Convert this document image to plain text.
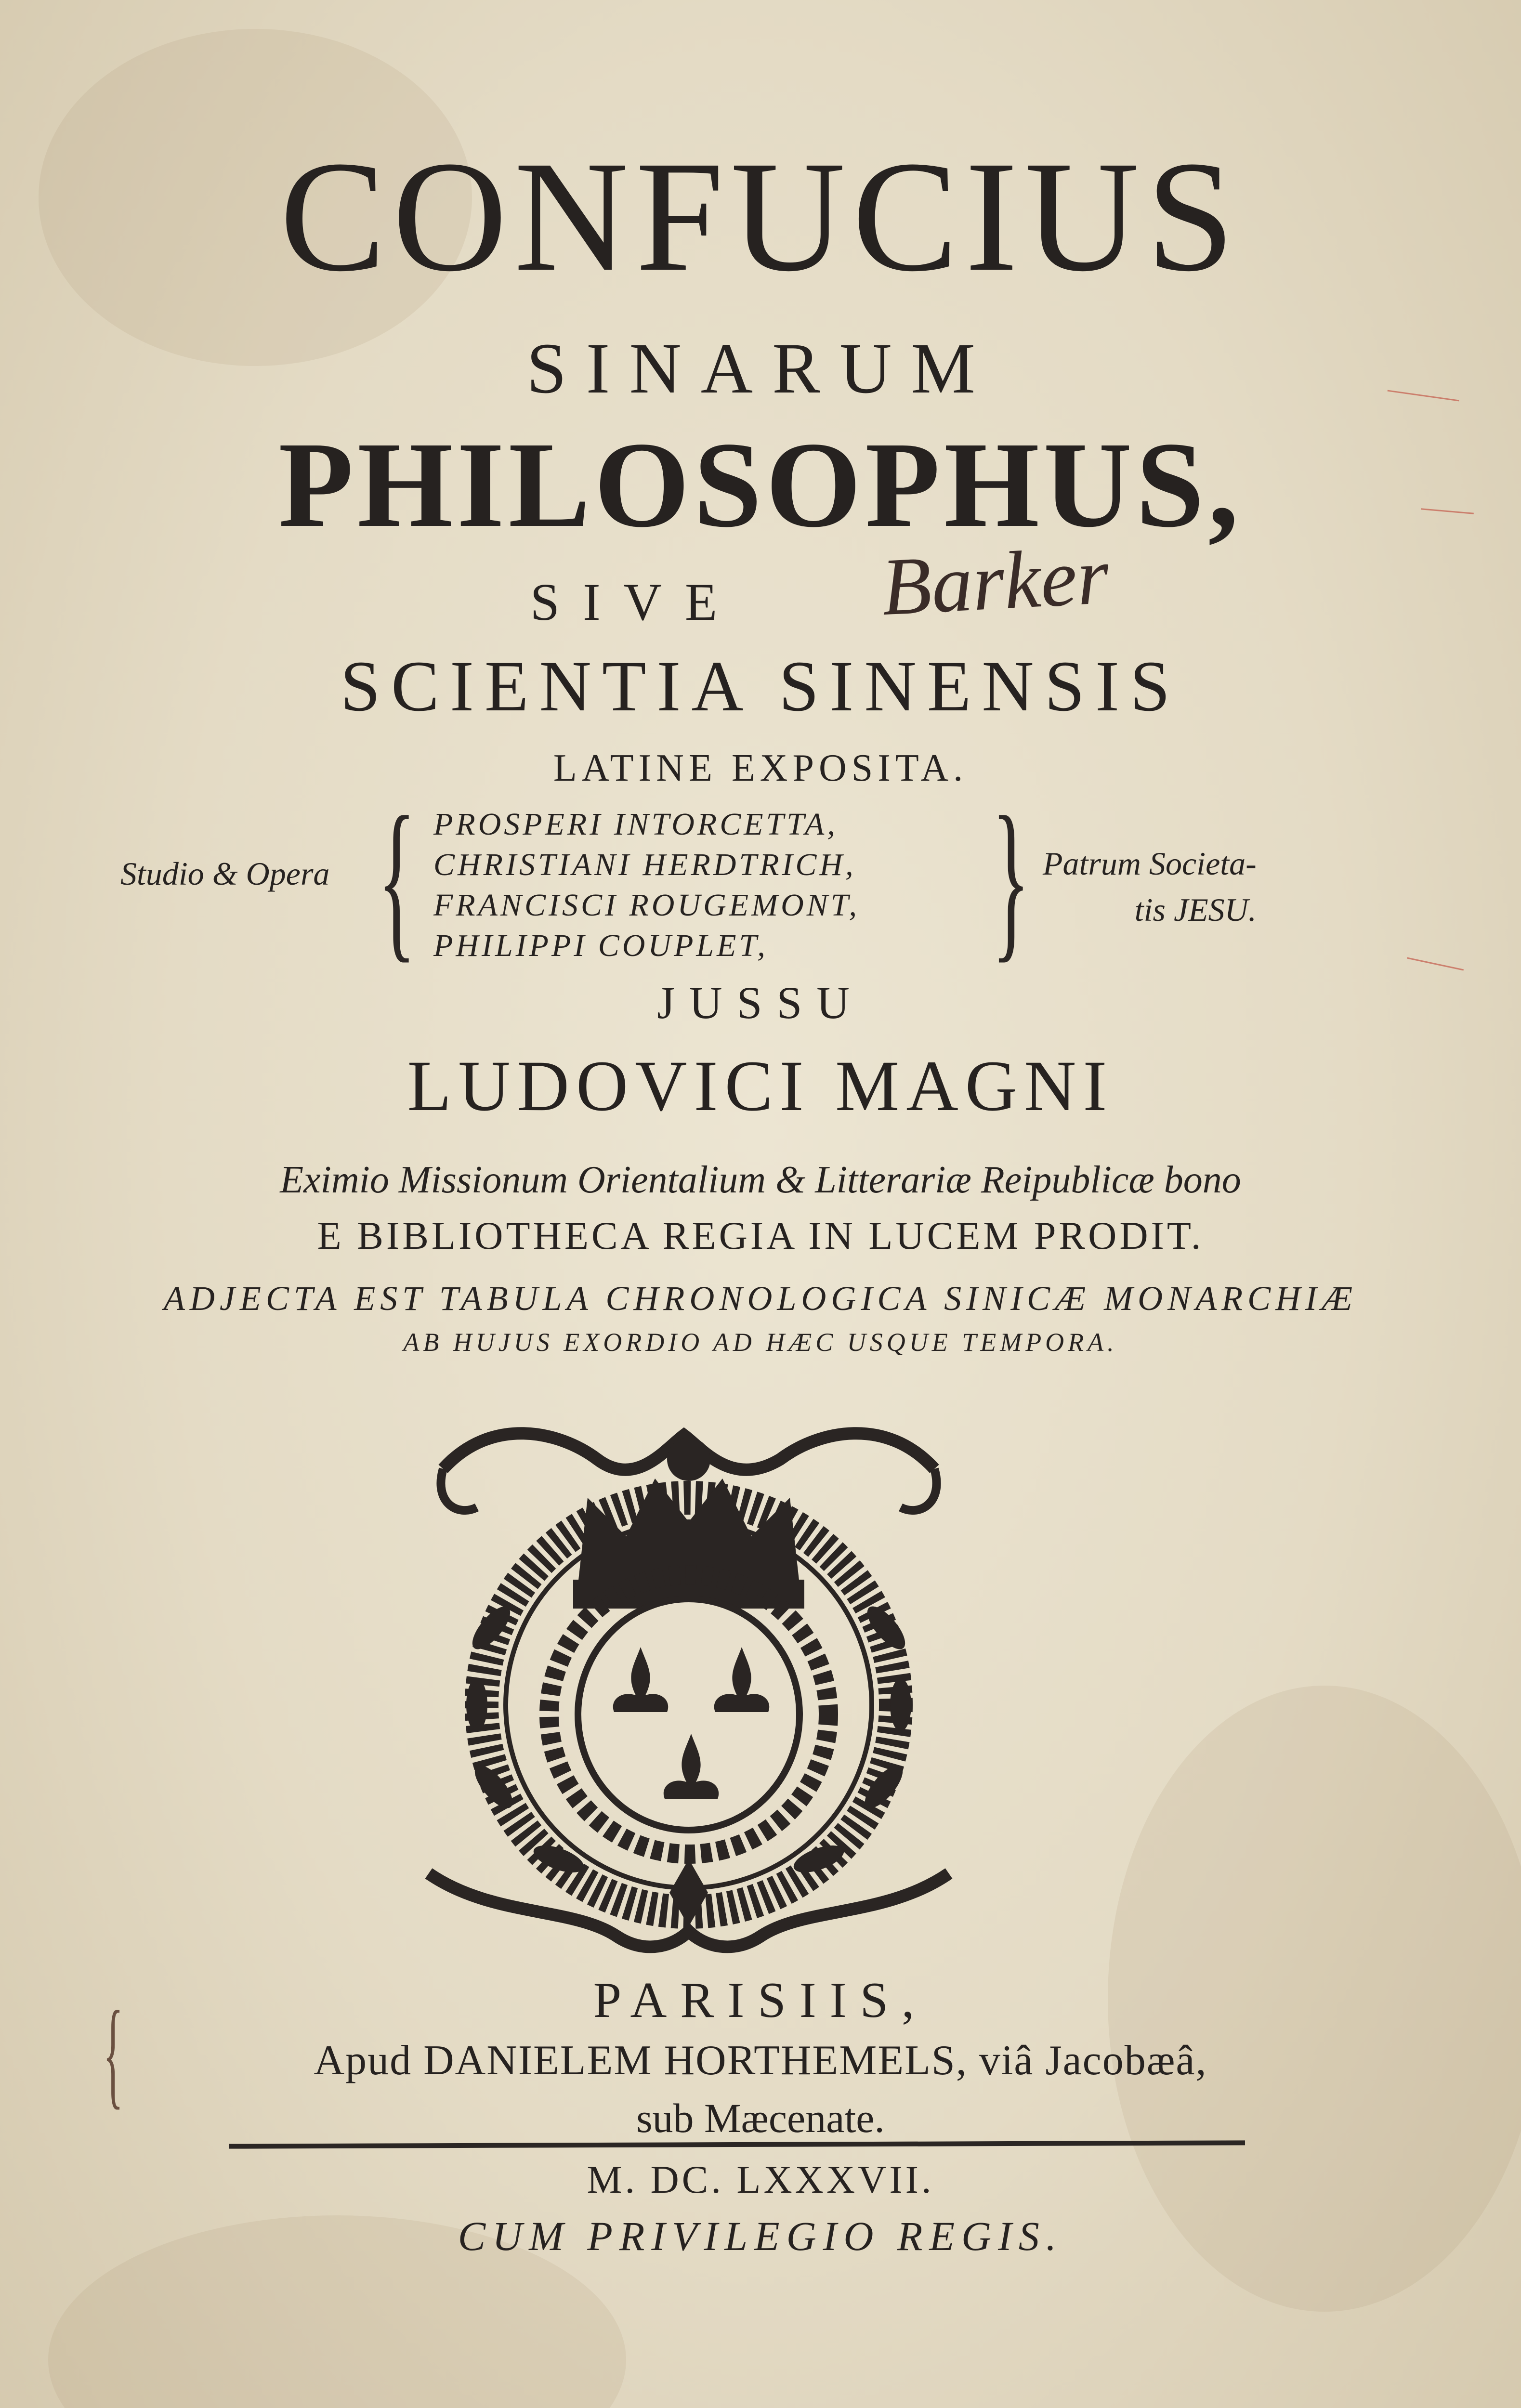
CONFUCIUS
SINARUM
PHILOSOPHUS,
SIVE	Barker
SCIENTIA SINENSIS
LATINE EXPOSITA.
Studio & Opera { PROSPERI INTORCETTA,
CHRISTIANI HERDTRICH,
FRANCISCI ROUGEMONT,
PHILIPPI COUPLET,	} Patrum Societa-
tis JESU.
JUSSU
LUDOVICI MAGNI
Eximio Missionum Orientalium & Litterariæ Reipublicæ bono
E BIBLIOTHECA REGIA IN LUCEM PRODIT.
ADJECTA EST TABULA CHRONOLOGICA SINICÆ MONARCHIÆ
AB HUJUS EXORDIO AD HÆC USQUE TEMPORA.
{	PARISIIS,
Apud DANIELEM HORTHEMELS, viâ Jacobæâ,
sub Mæcenate.
M. DC. LXXXVII.
CUM PRIVILEGIO REGIS.
